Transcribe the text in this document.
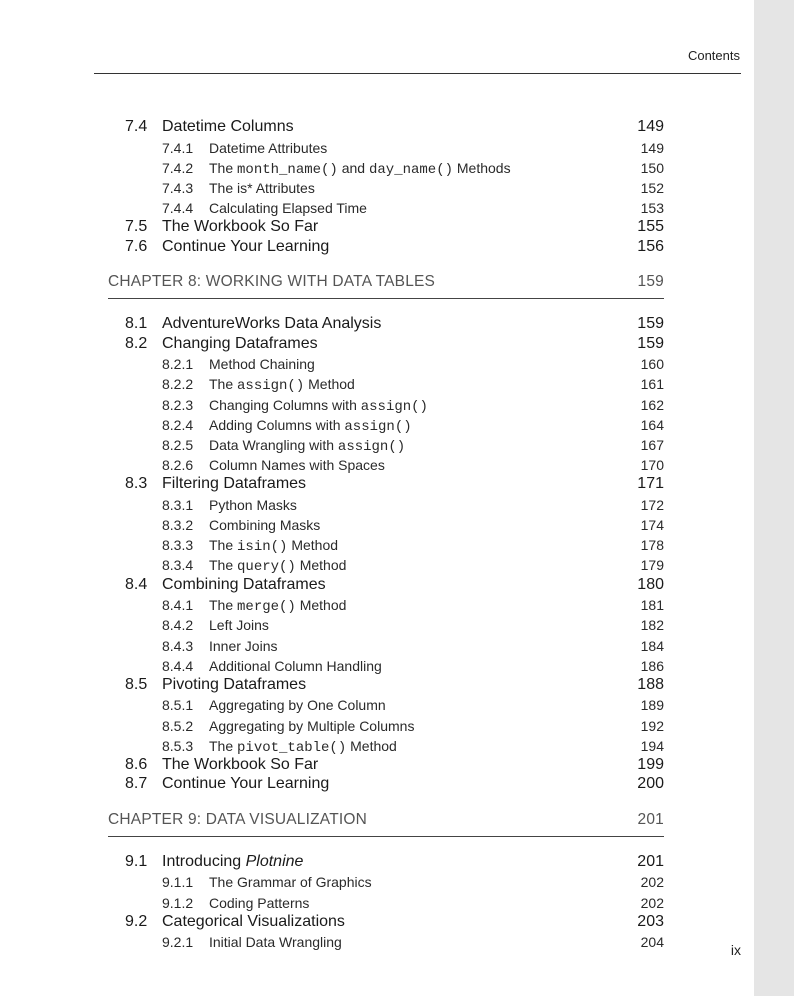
Contents
7.4 Datetime Columns	149
7.4.1 Datetime Attributes	149
7.4.2 The month_name() and day_name() Methods	150
7.4.3 The is* Attributes	152
7.4.4 Calculating Elapsed Time	153
7.5 The Workbook So Far	155
7.6 Continue Your Learning	156
CHAPTER 8: WORKING WITH DATA TABLES	159
8.1 AdventureWorks Data Analysis	159
8.2 Changing Dataframes	159
8.2.1 Method Chaining	160
8.2.2 The assign() Method	161
8.2.3 Changing Columns with assign()	162
8.2.4 Adding Columns with assign()	164
8.2.5 Data Wrangling with assign()	167
8.2.6 Column Names with Spaces	170
8.3 Filtering Dataframes	171
8.3.1 Python Masks	172
8.3.2 Combining Masks	174
8.3.3 The isin() Method	178
8.3.4 The query() Method	179
8.4 Combining Dataframes	180
8.4.1 The merge() Method	181
8.4.2 Left Joins	182
8.4.3 Inner Joins	184
8.4.4 Additional Column Handling	186
8.5 Pivoting Dataframes	188
8.5.1 Aggregating by One Column	189
8.5.2 Aggregating by Multiple Columns	192
8.5.3 The pivot_table() Method	194
8.6 The Workbook So Far	199
8.7 Continue Your Learning	200
CHAPTER 9: DATA VISUALIZATION	201
9.1 Introducing Plotnine	201
9.1.1 The Grammar of Graphics	202
9.1.2 Coding Patterns	202
9.2 Categorical Visualizations	203
9.2.1 Initial Data Wrangling	204	ix
